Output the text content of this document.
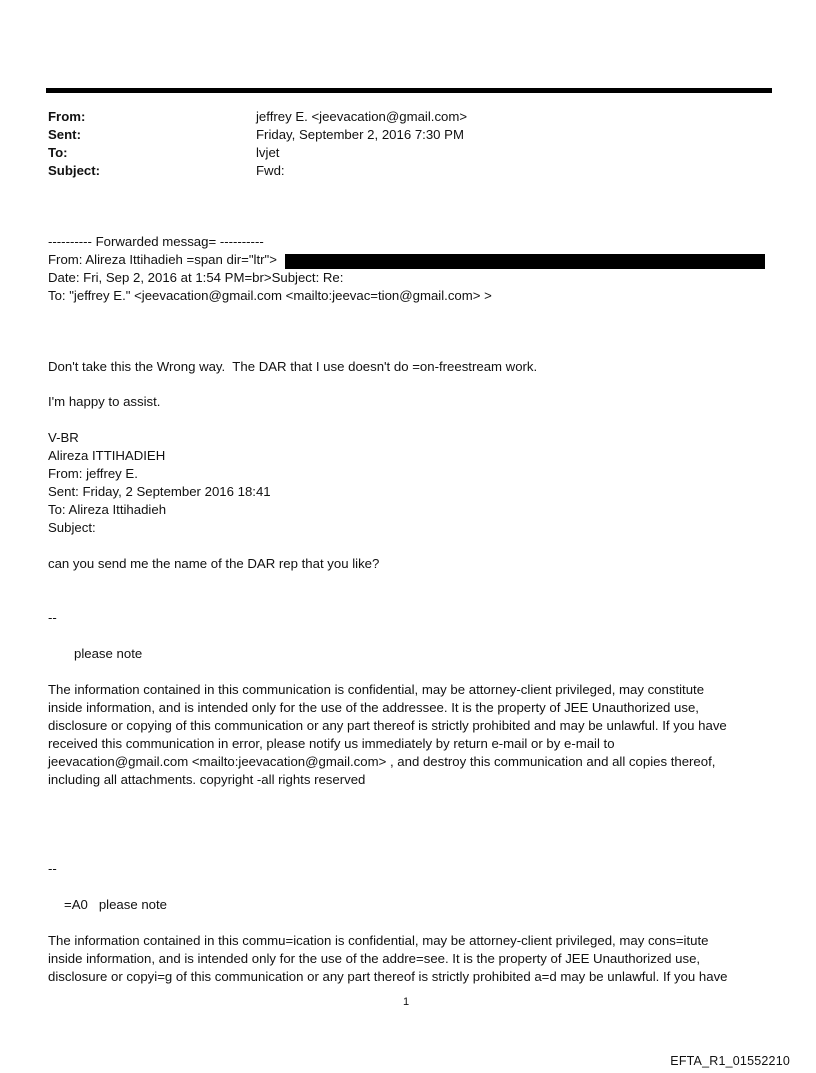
From:	jeffrey E. <jeevacation@gmail.com>
Sent:	Friday, September 2, 2016 7:30 PM
To:	lvjet
Subject:	Fwd:
---------- Forwarded messag= ----------
From: Alireza Ittihadieh =span dir="ltr">
Date: Fri, Sep 2, 2016 at 1:54 PM=br>Subject: Re:
To: "jeffrey E." <jeevacation@gmail.com <mailto:jeevac=tion@gmail.com> >
Don't take this the Wrong way.  The DAR that I use doesn't do =on-freestream work.
I'm happy to assist.
V-BR
Alireza ITTIHADIEH
From: jeffrey E.
Sent: Friday, 2 September 2016 18:41
To: Alireza Ittihadieh
Subject:
can you send me the name of the DAR rep that you like?
--
please note
The information contained in this communication is confidential, may be attorney-client privileged, may constitute
inside information, and is intended only for the use of the addressee. It is the property of JEE Unauthorized use,
disclosure or copying of this communication or any part thereof is strictly prohibited and may be unlawful. If you have
received this communication in error, please notify us immediately by return e-mail or by e-mail to
jeevacation@gmail.com <mailto:jeevacation@gmail.com> , and destroy this communication and all copies thereof,
including all attachments. copyright -all rights reserved
--
=A0   please note
The information contained in this commu=ication is confidential, may be attorney-client privileged, may cons=itute
inside information, and is intended only for the use of the addre=see. It is the property of JEE Unauthorized use,
disclosure or copyi=g of this communication or any part thereof is strictly prohibited a=d may be unlawful. If you have
1
EFTA_R1_01552210
